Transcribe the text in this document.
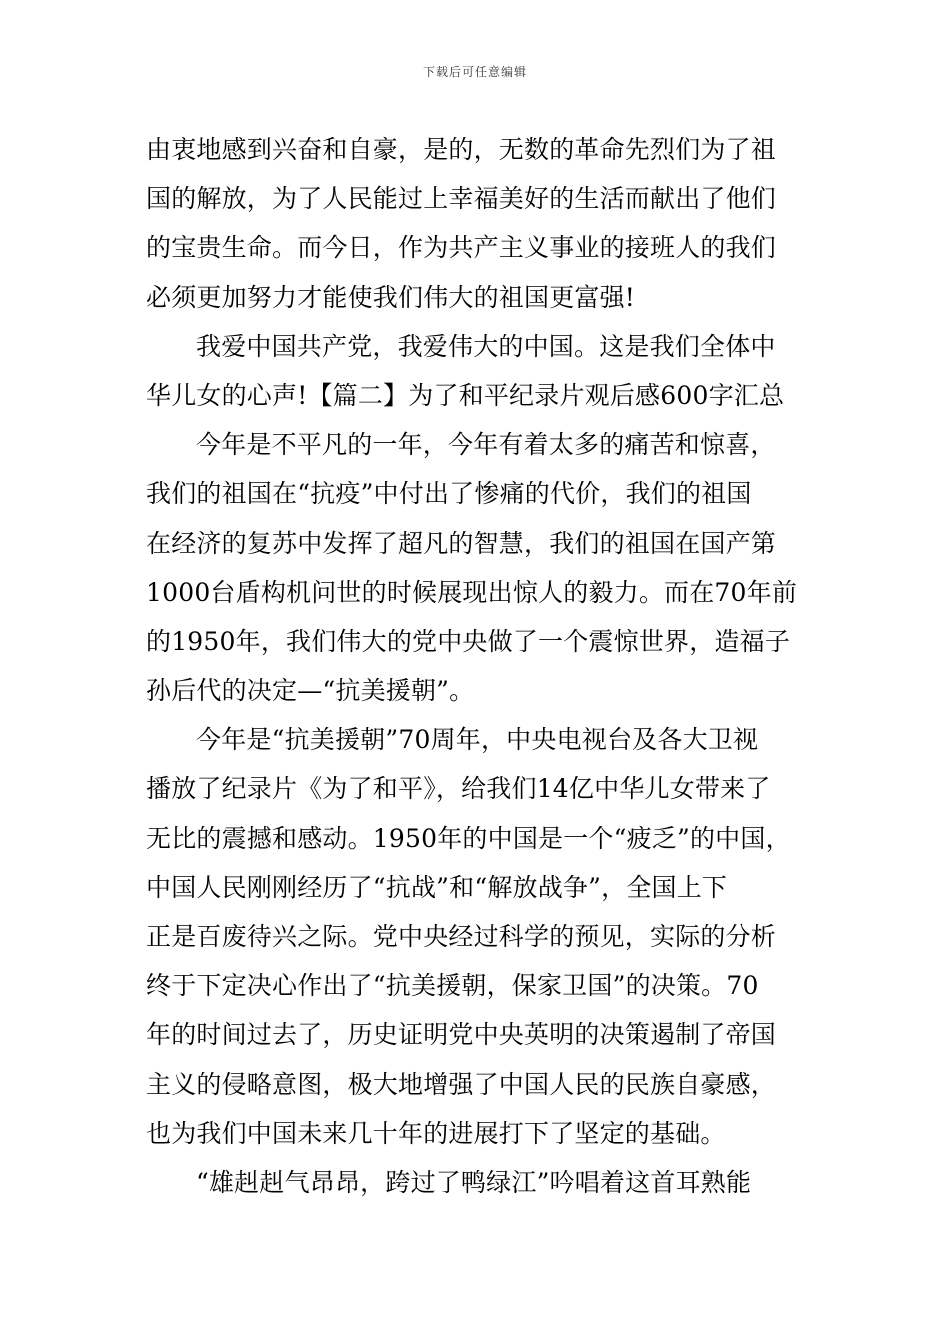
下载后可任意编辑
由衷地感到兴奋和自豪，是的，无数的革命先烈们为了祖
国的解放，为了人民能过上幸福美好的生活而献出了他们
的宝贵生命。而今日，作为共产主义事业的接班人的我们
必须更加努力才能使我们伟大的祖国更富强!
我爱中国共产党，我爱伟大的中国。这是我们全体中
华儿女的心声!【篇二】为了和平纪录片观后感600字汇总
今年是不平凡的一年，今年有着太多的痛苦和惊喜，
我们的祖国在“抗疫”中付出了惨痛的代价，我们的祖国
在经济的复苏中发挥了超凡的智慧，我们的祖国在国产第
1000台盾构机问世的时候展现出惊人的毅力。而在70年前
的1950年，我们伟大的党中央做了一个震惊世界，造福子
孙后代的决定—“抗美援朝”。
今年是“抗美援朝”70周年，中央电视台及各大卫视
播放了纪录片《为了和平》，给我们14亿中华儿女带来了
无比的震撼和感动。1950年的中国是一个“疲乏”的中国，
中国人民刚刚经历了“抗战”和“解放战争”，全国上下
正是百废待兴之际。党中央经过科学的预见，实际的分析
终于下定决心作出了“抗美援朝，保家卫国”的决策。70
年的时间过去了，历史证明党中央英明的决策遏制了帝国
主义的侵略意图，极大地增强了中国人民的民族自豪感，
也为我们中国未来几十年的进展打下了坚定的基础。
“雄赳赳气昂昂，跨过了鸭绿江”吟唱着这首耳熟能
